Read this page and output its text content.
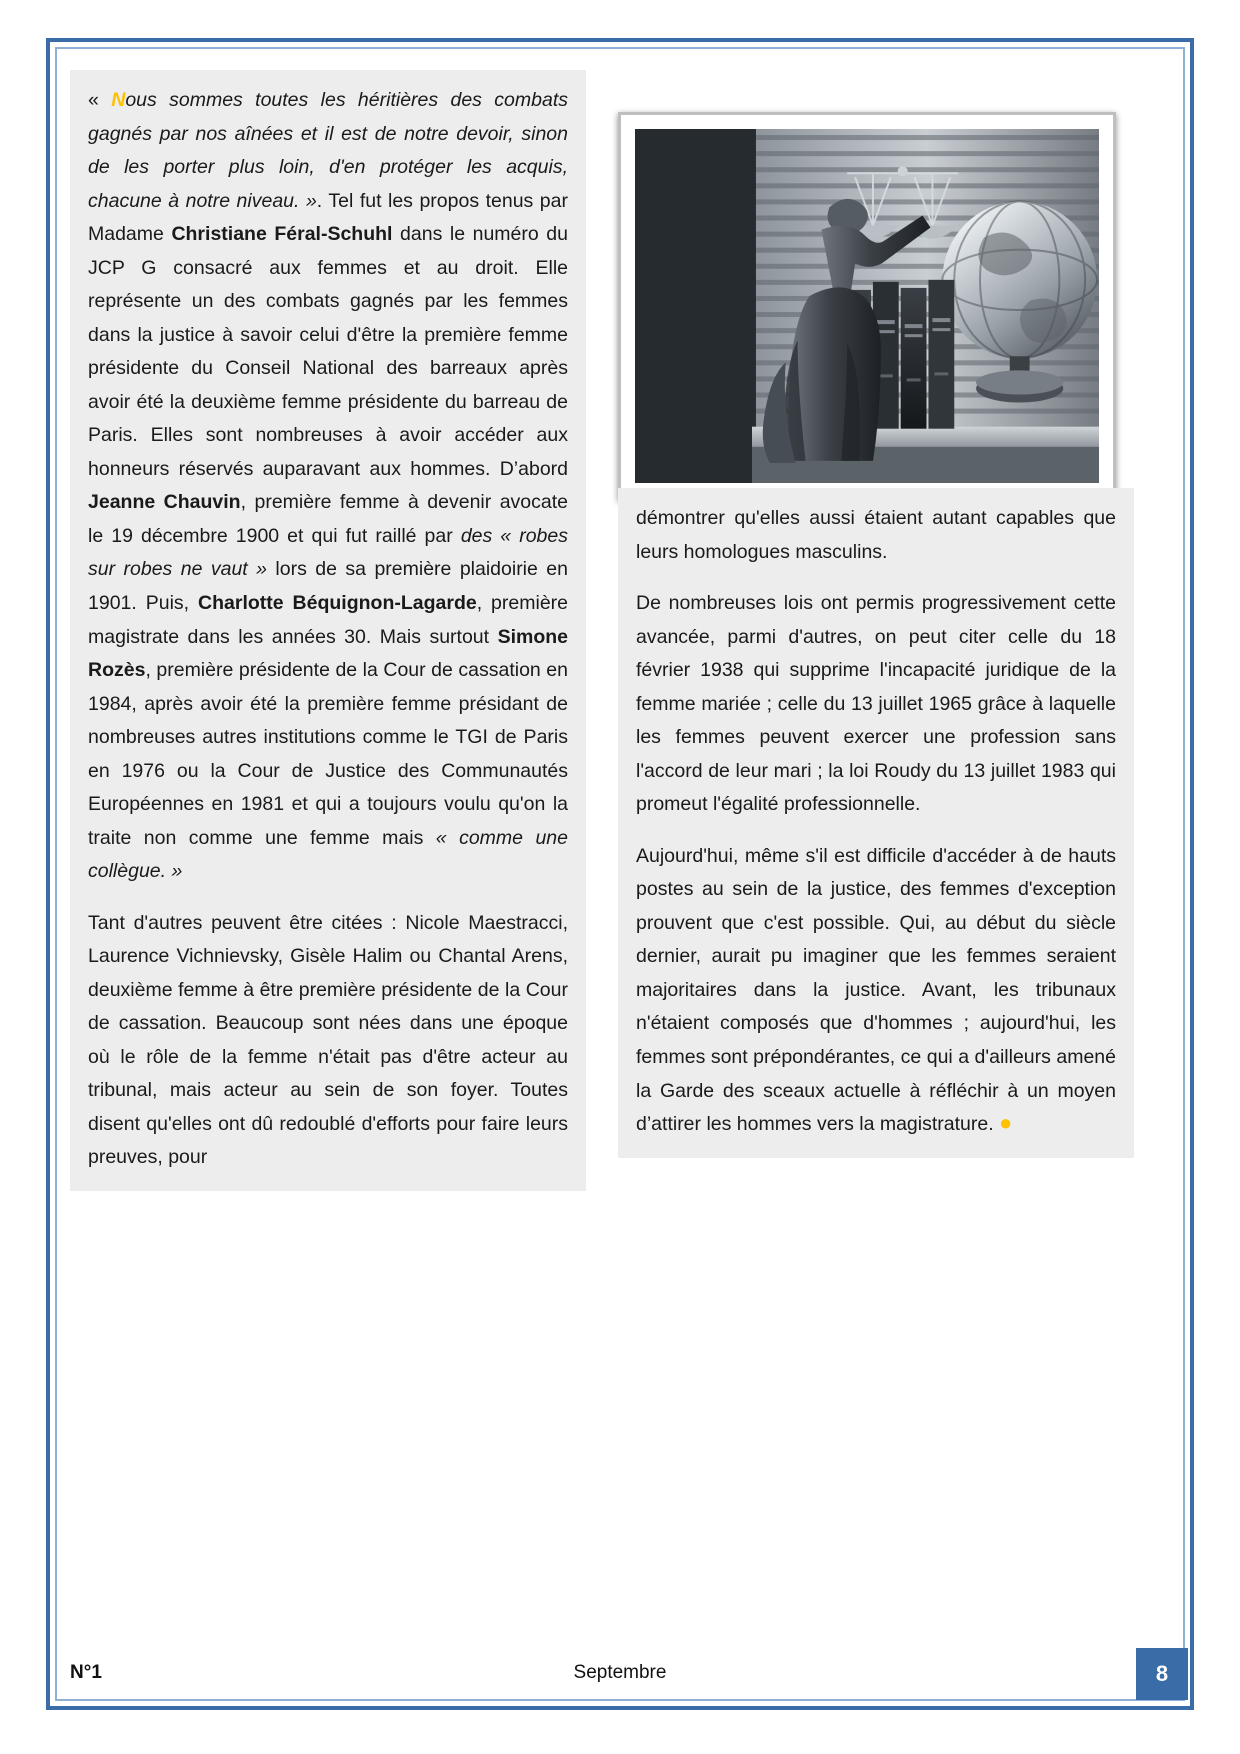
« Nous sommes toutes les héritières des combats gagnés par nos aînées et il est de notre devoir, sinon de les porter plus loin, d'en protéger les acquis, chacune à notre niveau. ». Tel fut les propos tenus par Madame Christiane Féral-Schuhl dans le numéro du JCP G consacré aux femmes et au droit. Elle représente un des combats gagnés par les femmes dans la justice à savoir celui d'être la première femme présidente du Conseil National des barreaux après avoir été la deuxième femme présidente du barreau de Paris. Elles sont nombreuses à avoir accéder aux honneurs réservés auparavant aux hommes. D’abord Jeanne Chauvin, première femme à devenir avocate le 19 décembre 1900 et qui fut raillé par des « robes sur robes ne vaut » lors de sa première plaidoirie en 1901. Puis, Charlotte Béquignon-Lagarde, première magistrate dans les années 30. Mais surtout Simone Rozès, première présidente de la Cour de cassation en 1984, après avoir été la première femme présidant de nombreuses autres institutions comme le TGI de Paris en 1976 ou la Cour de Justice des Communautés Européennes en 1981 et qui a toujours voulu qu'on la traite non comme une femme mais « comme une collègue. »

Tant d'autres peuvent être citées : Nicole Maestracci, Laurence Vichnievsky, Gisèle Halim ou Chantal Arens, deuxième femme à être première présidente de la Cour de cassation. Beaucoup sont nées dans une époque où le rôle de la femme n'était pas d'être acteur au tribunal, mais acteur au sein de son foyer. Toutes disent qu'elles ont dû redoublé d'efforts pour faire leurs preuves, pour

démontrer qu'elles aussi étaient autant capables que leurs homologues masculins.

De nombreuses lois ont permis progressivement cette avancée, parmi d'autres, on peut citer celle du 18 février 1938 qui supprime l'incapacité juridique de la femme mariée ; celle du 13 juillet 1965 grâce à laquelle les femmes peuvent exercer une profession sans l'accord de leur mari ; la loi Roudy du 13 juillet 1983 qui promeut l'égalité professionnelle.

Aujourd'hui, même s'il est difficile d'accéder à de hauts postes au sein de la justice, des femmes d'exception prouvent que c'est possible. Qui, au début du siècle dernier, aurait pu imaginer que les femmes seraient majoritaires dans la justice. Avant, les tribunaux n'étaient composés que d'hommes ; aujourd'hui, les femmes sont prépondérantes, ce qui a d'ailleurs amené la Garde des sceaux actuelle à réfléchir à un moyen d’attirer les hommes vers la magistrature. ●

N°1	Septembre	8
